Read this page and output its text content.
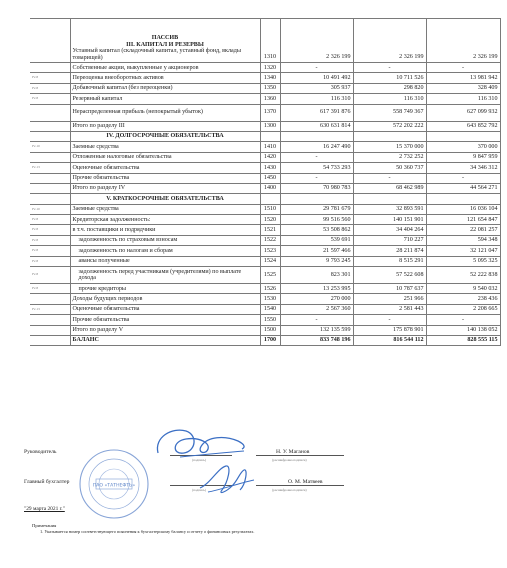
	ПАССИВ
III. КАПИТАЛ И РЕЗЕРВЫ
Уставный капитал (складочный капитал, уставный фонд, вклады товарищей)	1310	2 326 199	2 326 199	2 326 199
	Собственные акции, выкупленные у акционеров	1320	-	-	-
IV-8	Переоценка внеоборотных активов	1340	10 491 492	10 711 526	13 981 942
IV-8	Добавочный капитал (без переоценки)	1350	305 937	298 820	328 409
IV-8	Резервный капитал	1360	116 310	116 310	116 310
	Нераспределенная прибыль (непокрытый убыток)	1370	617 391 876	558 749 367	627 099 932
	Итого по разделу III	1300	630 631 814	572 202 222	643 852 792
	IV. ДОЛГОСРОЧНЫЕ ОБЯЗАТЕЛЬСТВА				
IV-10	Заемные средства	1410	16 247 490	15 370 000	370 000
	Отложенные налоговые обязательства	1420	-	2 732 252	9 847 959
IV-13	Оценочные обязательства	1430	54 733 293	50 360 737	34 346 312
	Прочие обязательства	1450	-	-	-
	Итого по разделу IV	1400	70 980 783	68 462 989	44 564 271
	V. КРАТКОСРОЧНЫЕ ОБЯЗАТЕЛЬСТВА				
IV-10	Заемные средства	1510	29 781 679	32 893 591	16 036 104
IV-8	Кредиторская задолженность:	1520	99 516 560	140 151 901	121 654 847
IV-8	в т.ч. поставщики и подрядчики	1521	53 508 862	34 404 264	22 081 257
IV-8	задолженность по страховым взносам	1522	539 691	710 227	594 348
IV-8	задолженность по налогам и сборам	1523	21 597 466	28 211 874	32 121 047
IV-8	авансы полученные	1524	9 793 245	8 515 291	5 095 325
IV-8	задолженность перед участниками (учредителями) по выплате дохода	1525	823 301	57 522 608	52 222 838
IV-8	прочие кредиторы	1526	13 253 995	10 787 637	9 540 032
	Доходы будущих периодов	1530	270 000	251 966	238 436
IV-13	Оценочные обязательства	1540	2 567 360	2 581 443	2 208 665
	Прочие обязательства	1550	-	-	-
	Итого по разделу V	1500	132 135 599	175 878 901	140 138 052
	БАЛАНС	1700	833 748 196	816 544 112	828 555 115
Руководитель
(подпись)
Н. У. Маганов
(расшифровка подписи)
Главный бухгалтер
(подпись)
О. М. Матвеев
(расшифровка подписи)
"29 марта 2021 г."
Примечания
1. Указывается номер соответствующего пояснения к бухгалтерскому балансу и отчету о финансовых результатах.
ПАО «ТАТНЕФТЬ»
